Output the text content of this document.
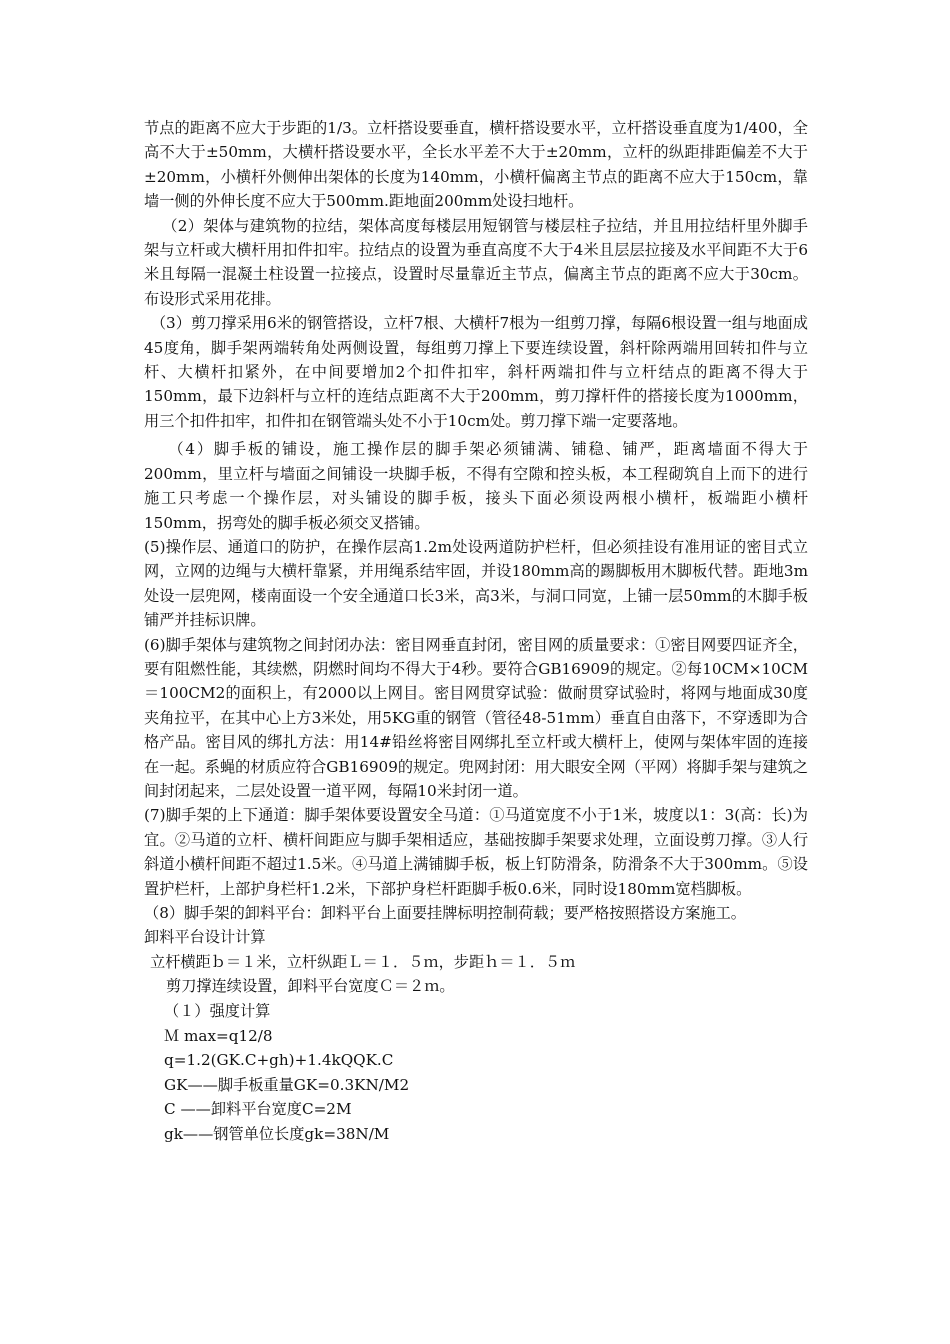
节点的距离不应大于步距的1/3。立杆搭设要垂直，横杆搭设要水平，立杆搭设垂直度为1/400，全高不大于±50mm，大横杆搭设要水平，全长水平差不大于±20mm，立杆的纵距排距偏差不大于±20mm，小横杆外侧伸出架体的长度为140mm，小横杆偏离主节点的距离不应大于150cm，靠墙一侧的外伸长度不应大于500mm.距地面200mm处设扫地杆。

（2）架体与建筑物的拉结，架体高度每楼层用短钢管与楼层柱子拉结，并且用拉结杆里外脚手架与立杆或大横杆用扣件扣牢。拉结点的设置为垂直高度不大于4米且层层拉接及水平间距不大于6米且每隔一混凝土柱设置一拉接点，设置时尽量靠近主节点，偏离主节点的距离不应大于30cm。布设形式采用花排。

（3）剪刀撑采用6米的钢管搭设，立杆7根、大横杆7根为一组剪刀撑，每隔6根设置一组与地面成45度角，脚手架两端转角处两侧设置，每组剪刀撑上下要连续设置，斜杆除两端用回转扣件与立杆、大横杆扣紧外，在中间要增加2个扣件扣牢，斜杆两端扣件与立杆结点的距离不得大于150mm，最下边斜杆与立杆的连结点距离不大于200mm，剪刀撑杆件的搭接长度为1000mm，用三个扣件扣牢，扣件扣在钢管端头处不小于10cm处。剪刀撑下端一定要落地。

（4）脚手板的铺设，施工操作层的脚手架必须铺满、铺稳、铺严，距离墙面不得大于200mm，里立杆与墙面之间铺设一块脚手板，不得有空隙和控头板，本工程砌筑自上而下的进行施工只考虑一个操作层，对头铺设的脚手板，接头下面必须设两根小横杆，板端距小横杆150mm，拐弯处的脚手板必须交叉搭铺。

(5)操作层、通道口的防护，在操作层高1.2m处设两道防护栏杆，但必须挂设有准用证的密目式立网，立网的边绳与大横杆靠紧，并用绳系结牢固，并设180mm高的踢脚板用木脚板代替。距地3m处设一层兜网，楼南面设一个安全通道口长3米，高3米，与洞口同宽，上铺一层50mm的木脚手板铺严并挂标识牌。

(6)脚手架体与建筑物之间封闭办法：密目网垂直封闭，密目网的质量要求：①密目网要四证齐全，要有阻燃性能，其续燃，阴燃时间均不得大于4秒。要符合GB16909的规定。②每10CM×10CM＝100CM2的面积上，有2000以上网目。密目网贯穿试验：做耐贯穿试验时，将网与地面成30度夹角拉平，在其中心上方3米处，用5KG重的钢管（管径48-51mm）垂直自由落下，不穿透即为合格产品。密目风的绑扎方法：用14#铅丝将密目网绑扎至立杆或大横杆上，使网与架体牢固的连接在一起。系蝇的材质应符合GB16909的规定。兜网封闭：用大眼安全网（平网）将脚手架与建筑之间封闭起来，二层处设置一道平网，每隔10米封闭一道。

(7)脚手架的上下通道：脚手架体要设置安全马道：①马道宽度不小于1米，坡度以1：3(高：长)为宜。②马道的立杆、横杆间距应与脚手架相适应，基础按脚手架要求处理，立面设剪刀撑。③人行斜道小横杆间距不超过1.5米。④马道上满铺脚手板，板上钉防滑条，防滑条不大于300mm。⑤设置护栏杆，上部护身栏杆1.2米，下部护身栏杆距脚手板0.6米，同时设180mm宽档脚板。

（8）脚手架的卸料平台：卸料平台上面要挂牌标明控制荷载；要严格按照搭设方案施工。

卸料平台设计计算

立杆横距ｂ＝１米，立杆纵距Ｌ＝１．５ｍ，步距ｈ＝１．５ｍ

剪刀撑连续设置，卸料平台宽度Ｃ＝２ｍ。

（１）强度计算

Ｍ max=q12/8

q=1.2(GK.C+gh)+1.4kQQK.C

GK——脚手板重量GK=0.3KN/M2

C ——卸料平台宽度C=2M

gk——钢管单位长度gk=38N/M
